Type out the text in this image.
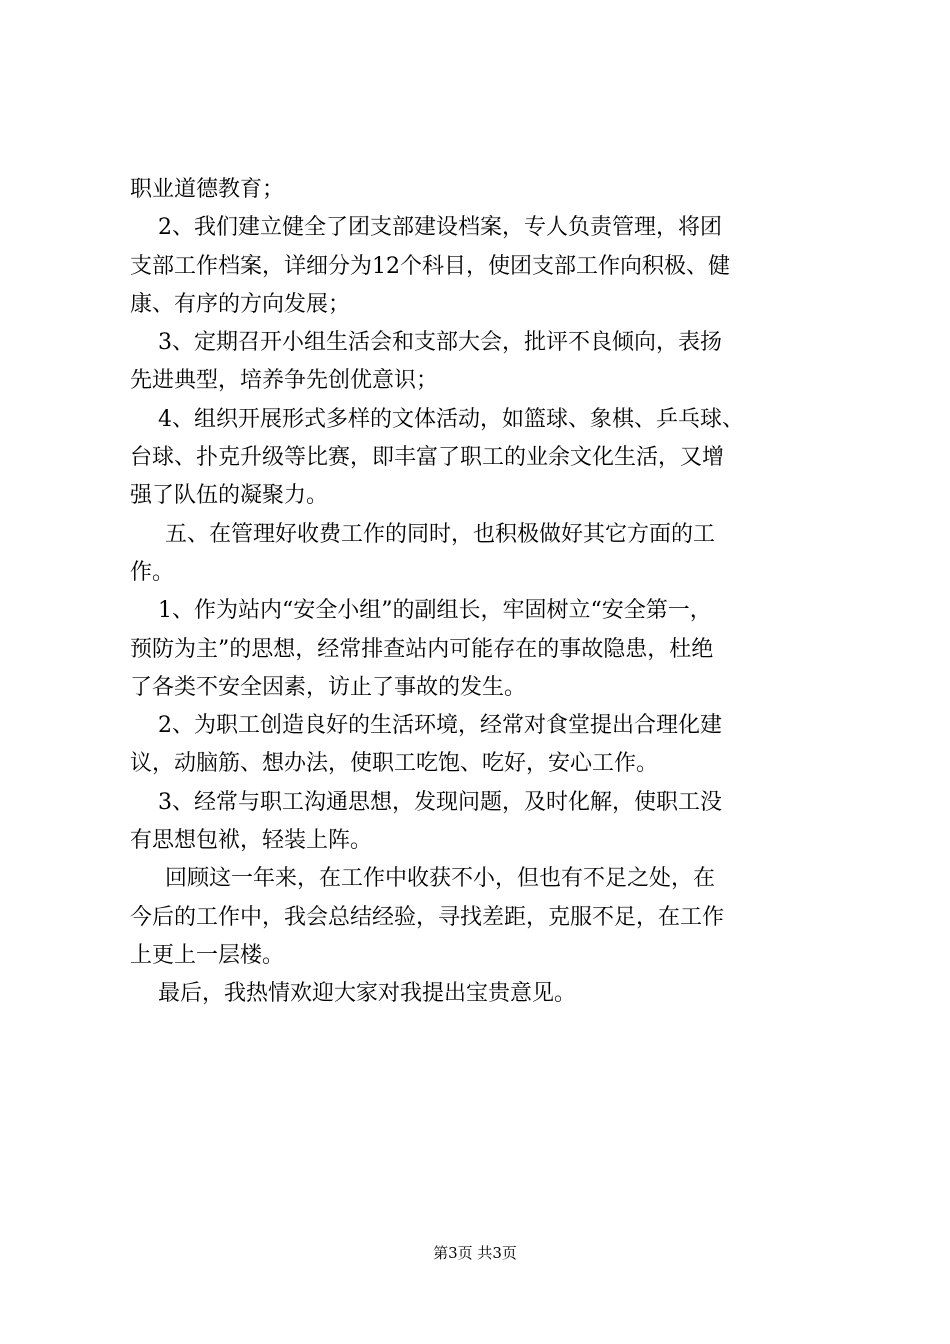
职业道德教育；
2、我们建立健全了团支部建设档案，专人负责管理，将团
支部工作档案，详细分为12个科目，使团支部工作向积极、健
康、有序的方向发展；
3、定期召开小组生活会和支部大会，批评不良倾向，表扬
先进典型，培养争先创优意识；
4、组织开展形式多样的文体活动，如篮球、象棋、乒乓球、
台球、扑克升级等比赛，即丰富了职工的业余文化生活，又增
强了队伍的凝聚力。
五、在管理好收费工作的同时，也积极做好其它方面的工
作。
1、作为站内“安全小组”的副组长，牢固树立“安全第一，
预防为主”的思想，经常排查站内可能存在的事故隐患，杜绝
了各类不安全因素，访止了事故的发生。
2、为职工创造良好的生活环境，经常对食堂提出合理化建
议，动脑筋、想办法，使职工吃饱、吃好，安心工作。
3、经常与职工沟通思想，发现问题，及时化解，使职工没
有思想包袱，轻装上阵。
回顾这一年来，在工作中收获不小，但也有不足之处，在
今后的工作中，我会总结经验，寻找差距，克服不足，在工作
上更上一层楼。
最后，我热情欢迎大家对我提出宝贵意见。
第3页 共3页
